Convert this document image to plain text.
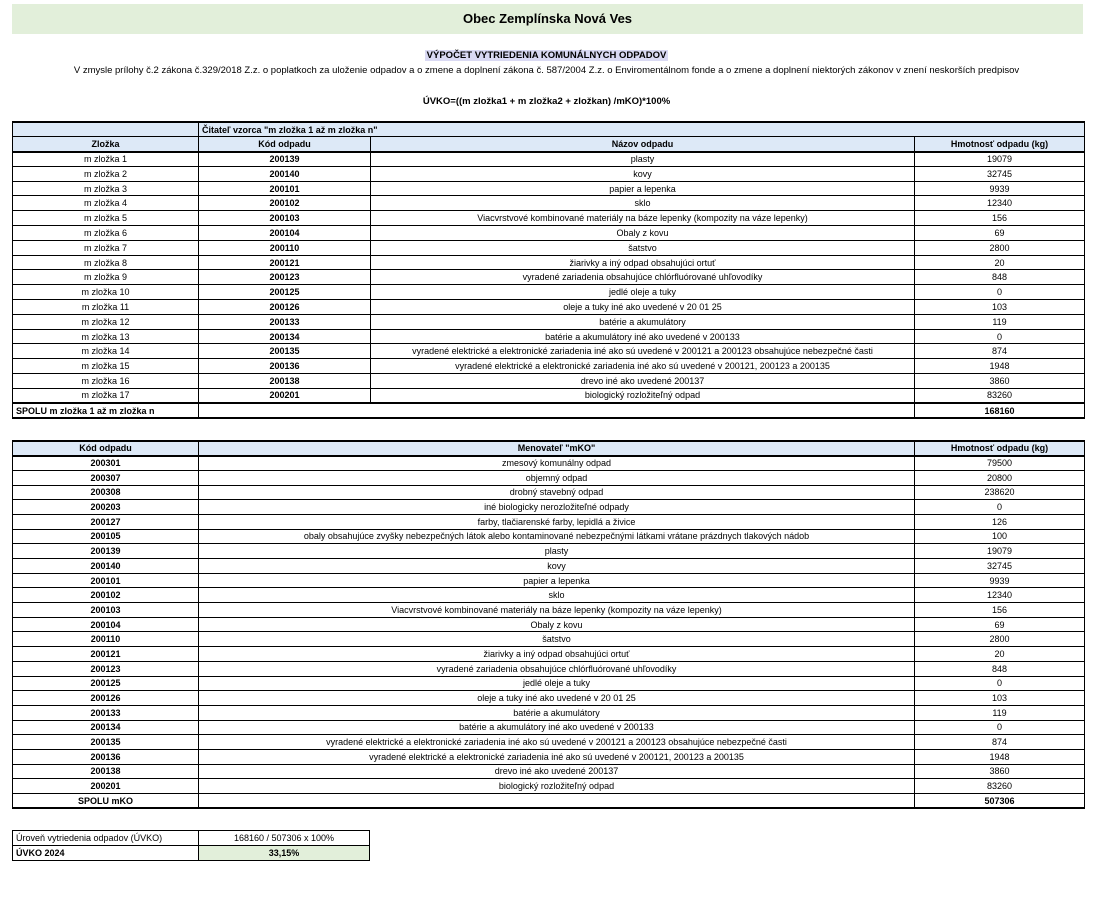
Obec Zemplínska Nová Ves
VÝPOČET VYTRIEDENIA KOMUNÁLNYCH ODPADOV
V zmysle prílohy č.2 zákona č.329/2018 Z.z. o poplatkoch za uloženie odpadov a o zmene a doplnení zákona č. 587/2004 Z.z. o Enviromentálnom fonde a o zmene a doplnení niektorých zákonov v znení neskorších predpisov
ÚVKO=((m zložka1 + m zložka2 + zložkan) /mKO)*100%
	Čitateľ vzorca "m zložka 1 až m zložka n"		
Zložka	Kód odpadu	Názov odpadu	Hmotnosť odpadu (kg)
m zložka 1	200139	plasty	19079
m zložka 2	200140	kovy	32745
m zložka 3	200101	papier a lepenka	9939
m zložka 4	200102	sklo	12340
m zložka 5	200103	Viacvrstvové kombinované materiály na báze lepenky (kompozity na váze lepenky)	156
m zložka 6	200104	Obaly z kovu	69
m zložka 7	200110	šatstvo	2800
m zložka 8	200121	žiarivky a iný odpad obsahujúci ortuť	20
m zložka 9	200123	vyradené zariadenia obsahujúce chlórfluórované uhľovodíky	848
m zložka 10	200125	jedlé oleje a tuky	0
m zložka 11	200126	oleje a tuky iné ako uvedené v 20 01 25	103
m zložka 12	200133	batérie a akumulátory	119
m zložka 13	200134	batérie a akumulátory iné ako uvedené v 200133	0
m zložka 14	200135	vyradené elektrické a elektronické zariadenia iné ako sú uvedené v 200121 a 200123 obsahujúce nebezpečné časti	874
m zložka 15	200136	vyradené elektrické a elektronické zariadenia iné ako sú uvedené v 200121, 200123 a 200135	1948
m zložka 16	200138	drevo iné ako uvedené 200137	3860
m zložka 17	200201	biologický rozložiteľný odpad	83260
SPOLU m zložka 1 až m zložka n			168160
Kód odpadu	Menovateľ "mKO"	Hmotnosť odpadu (kg)
200301	zmesový komunálny odpad	79500
200307	objemný odpad	20800
200308	drobný stavebný odpad	238620
200203	iné biologicky nerozložiteľné odpady	0
200127	farby, tlačiarenské farby, lepidlá a živice	126
200105	obaly obsahujúce zvyšky nebezpečných látok alebo kontaminované nebezpečnými látkami vrátane prázdnych tlakových nádob	100
200139	plasty	19079
200140	kovy	32745
200101	papier a lepenka	9939
200102	sklo	12340
200103	Viacvrstvové kombinované materiály na báze lepenky (kompozity na váze lepenky)	156
200104	Obaly z kovu	69
200110	šatstvo	2800
200121	žiarivky a iný odpad obsahujúci ortuť	20
200123	vyradené zariadenia obsahujúce chlórfluórované uhľovodíky	848
200125	jedlé oleje a tuky	0
200126	oleje a tuky iné ako uvedené v 20 01 25	103
200133	batérie a akumulátory	119
200134	batérie a akumulátory iné ako uvedené v 200133	0
200135	vyradené elektrické a elektronické zariadenia iné ako sú uvedené v 200121 a 200123 obsahujúce nebezpečné časti	874
200136	vyradené elektrické a elektronické zariadenia iné ako sú uvedené v 200121, 200123 a 200135	1948
200138	drevo iné ako uvedené 200137	3860
200201	biologický rozložiteľný odpad	83260
SPOLU mKO		507306
Úroveň vytriedenia odpadov (ÚVKO)	168160 / 507306 x 100%
ÚVKO 2024	33,15%
